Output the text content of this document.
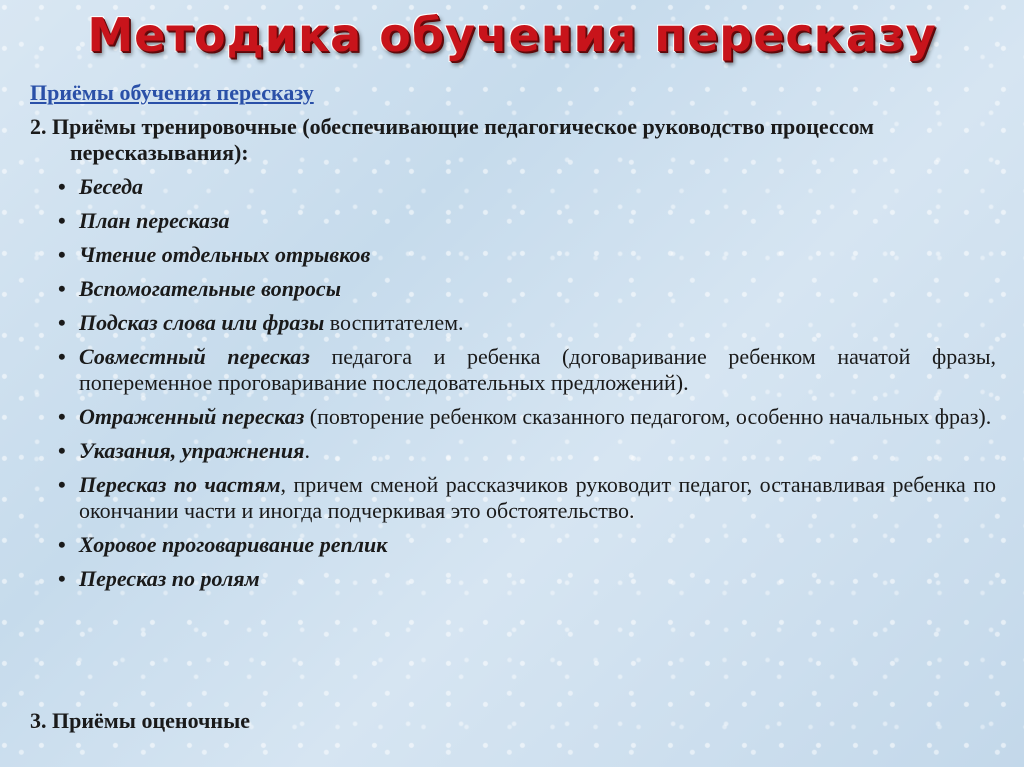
Методика обучения пересказу
Приёмы обучения пересказу
2. Приёмы тренировочные (обеспечивающие педагогическое руководство процессом пересказывания):
• Беседа
• План пересказа
• Чтение отдельных отрывков
• Вспомогательные вопросы
• Подсказ слова или фразы воспитателем.
• Совместный пересказ педагога и ребенка (договаривание ребенком начатой фразы, попеременное проговаривание последовательных предложений).
• Отраженный пересказ (повторение ребенком сказанного педагогом, особенно начальных фраз).
• Указания, упражнения.
• Пересказ по частям, причем сменой рассказчиков руководит педагог, останавливая ребенка по окончании части и иногда подчеркивая это обстоятельство.
• Хоровое проговаривание реплик
• Пересказ по ролям
3. Приёмы оценочные
